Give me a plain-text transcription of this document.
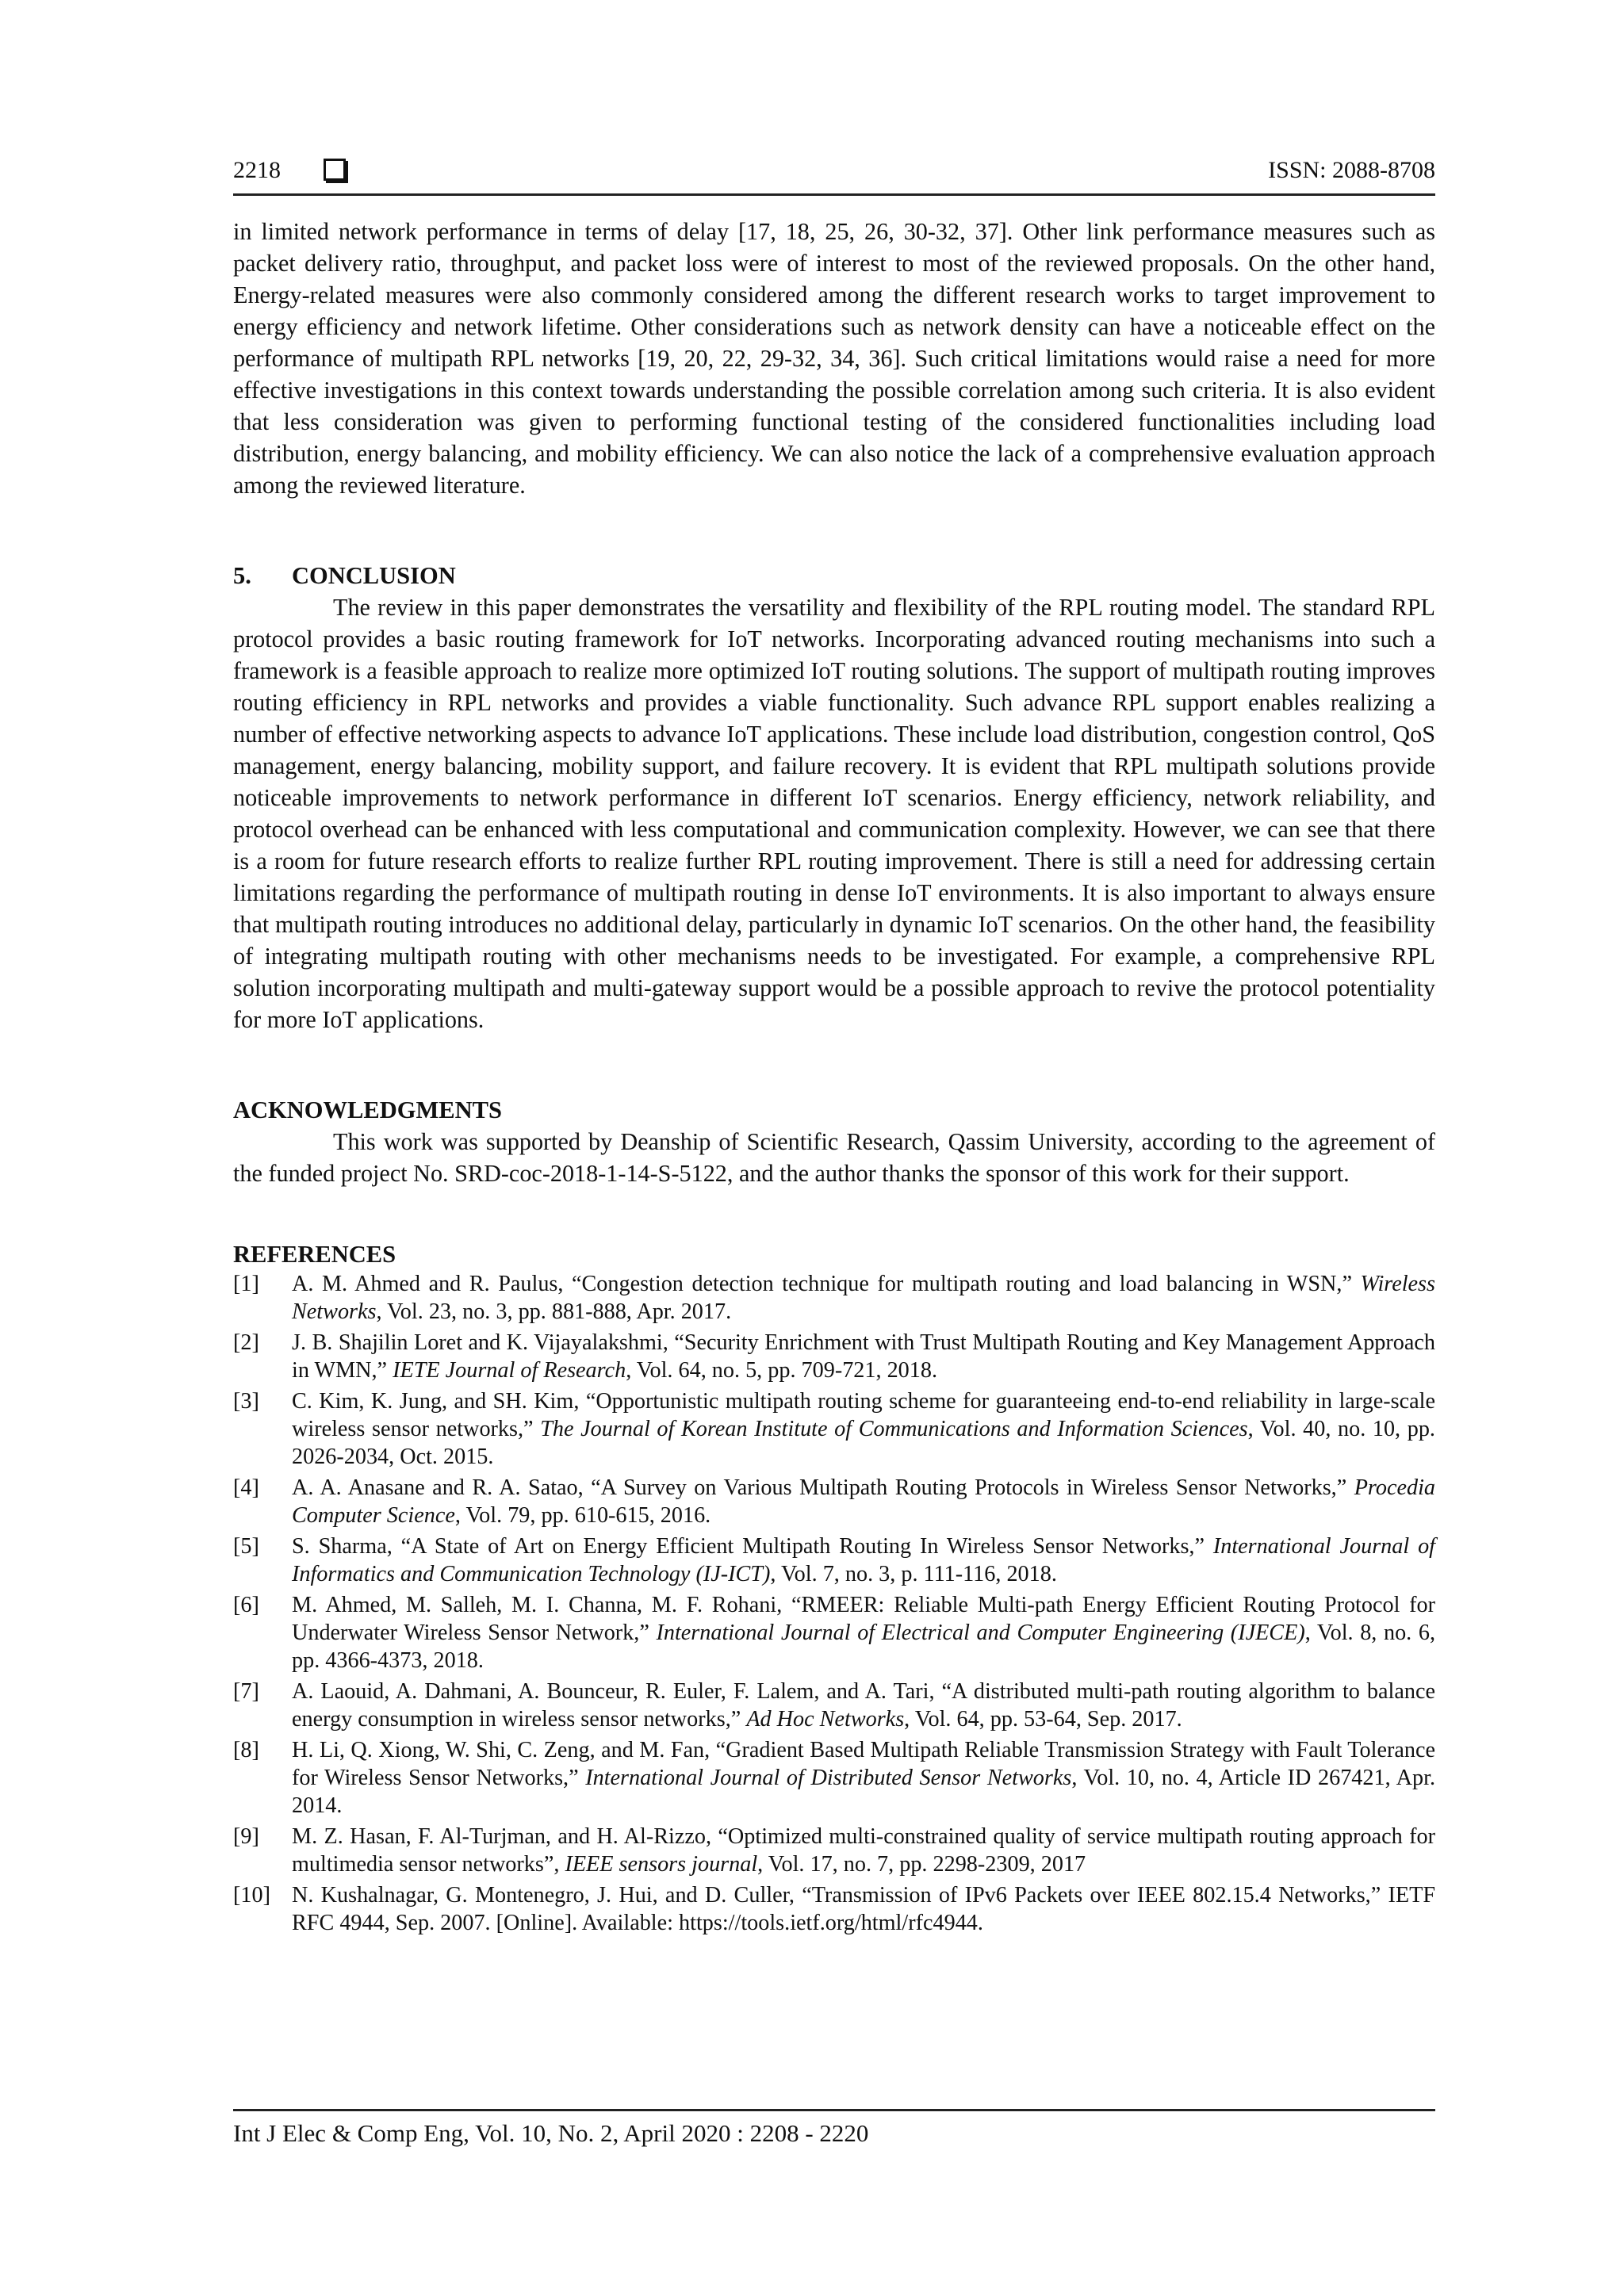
2218	ISSN: 2088-8708

in limited network performance in terms of delay [17, 18, 25, 26, 30-32, 37]. Other link performance measures such as packet delivery ratio, throughput, and packet loss were of interest to most of the reviewed proposals. On the other hand, Energy-related measures were also commonly considered among the different research works to target improvement to energy efficiency and network lifetime. Other considerations such as network density can have a noticeable effect on the performance of multipath RPL networks [19, 20, 22, 29-32, 34, 36]. Such critical limitations would raise a need for more effective investigations in this context towards understanding the possible correlation among such criteria. It is also evident that less consideration was given to performing functional testing of the considered functionalities including load distribution, energy balancing, and mobility efficiency. We can also notice the lack of a comprehensive evaluation approach among the reviewed literature.

5. CONCLUSION

The review in this paper demonstrates the versatility and flexibility of the RPL routing model. The standard RPL protocol provides a basic routing framework for IoT networks. Incorporating advanced routing mechanisms into such a framework is a feasible approach to realize more optimized IoT routing solutions. The support of multipath routing improves routing efficiency in RPL networks and provides a viable functionality. Such advance RPL support enables realizing a number of effective networking aspects to advance IoT applications. These include load distribution, congestion control, QoS management, energy balancing, mobility support, and failure recovery. It is evident that RPL multipath solutions provide noticeable improvements to network performance in different IoT scenarios. Energy efficiency, network reliability, and protocol overhead can be enhanced with less computational and communication complexity. However, we can see that there is a room for future research efforts to realize further RPL routing improvement. There is still a need for addressing certain limitations regarding the performance of multipath routing in dense IoT environments. It is also important to always ensure that multipath routing introduces no additional delay, particularly in dynamic IoT scenarios. On the other hand, the feasibility of integrating multipath routing with other mechanisms needs to be investigated. For example, a comprehensive RPL solution incorporating multipath and multi-gateway support would be a possible approach to revive the protocol potentiality for more IoT applications.

ACKNOWLEDGMENTS

This work was supported by Deanship of Scientific Research, Qassim University, according to the agreement of the funded project No. SRD-coc-2018-1-14-S-5122, and the author thanks the sponsor of this work for their support.

REFERENCES
[1] A. M. Ahmed and R. Paulus, “Congestion detection technique for multipath routing and load balancing in WSN,” Wireless Networks, Vol. 23, no. 3, pp. 881-888, Apr. 2017.
[2] J. B. Shajilin Loret and K. Vijayalakshmi, “Security Enrichment with Trust Multipath Routing and Key Management Approach in WMN,” IETE Journal of Research, Vol. 64, no. 5, pp. 709-721, 2018.
[3] C. Kim, K. Jung, and SH. Kim, “Opportunistic multipath routing scheme for guaranteeing end-to-end reliability in large-scale wireless sensor networks,” The Journal of Korean Institute of Communications and Information Sciences, Vol. 40, no. 10, pp. 2026-2034, Oct. 2015.
[4] A. A. Anasane and R. A. Satao, “A Survey on Various Multipath Routing Protocols in Wireless Sensor Networks,” Procedia Computer Science, Vol. 79, pp. 610-615, 2016.
[5] S. Sharma, “A State of Art on Energy Efficient Multipath Routing In Wireless Sensor Networks,” International Journal of Informatics and Communication Technology (IJ-ICT), Vol. 7, no. 3, p. 111-116, 2018.
[6] M. Ahmed, M. Salleh, M. I. Channa, M. F. Rohani, “RMEER: Reliable Multi-path Energy Efficient Routing Protocol for Underwater Wireless Sensor Network,” International Journal of Electrical and Computer Engineering (IJECE), Vol. 8, no. 6, pp. 4366-4373, 2018.
[7] A. Laouid, A. Dahmani, A. Bounceur, R. Euler, F. Lalem, and A. Tari, “A distributed multi-path routing algorithm to balance energy consumption in wireless sensor networks,” Ad Hoc Networks, Vol. 64, pp. 53-64, Sep. 2017.
[8] H. Li, Q. Xiong, W. Shi, C. Zeng, and M. Fan, “Gradient Based Multipath Reliable Transmission Strategy with Fault Tolerance for Wireless Sensor Networks,” International Journal of Distributed Sensor Networks, Vol. 10, no. 4, Article ID 267421, Apr. 2014.
[9] M. Z. Hasan, F. Al-Turjman, and H. Al-Rizzo, “Optimized multi-constrained quality of service multipath routing approach for multimedia sensor networks”, IEEE sensors journal, Vol. 17, no. 7, pp. 2298-2309, 2017
[10] N. Kushalnagar, G. Montenegro, J. Hui, and D. Culler, “Transmission of IPv6 Packets over IEEE 802.15.4 Networks,” IETF RFC 4944, Sep. 2007. [Online]. Available: https://tools.ietf.org/html/rfc4944.
Int J Elec & Comp Eng, Vol. 10, No. 2, April 2020 : 2208 - 2220
